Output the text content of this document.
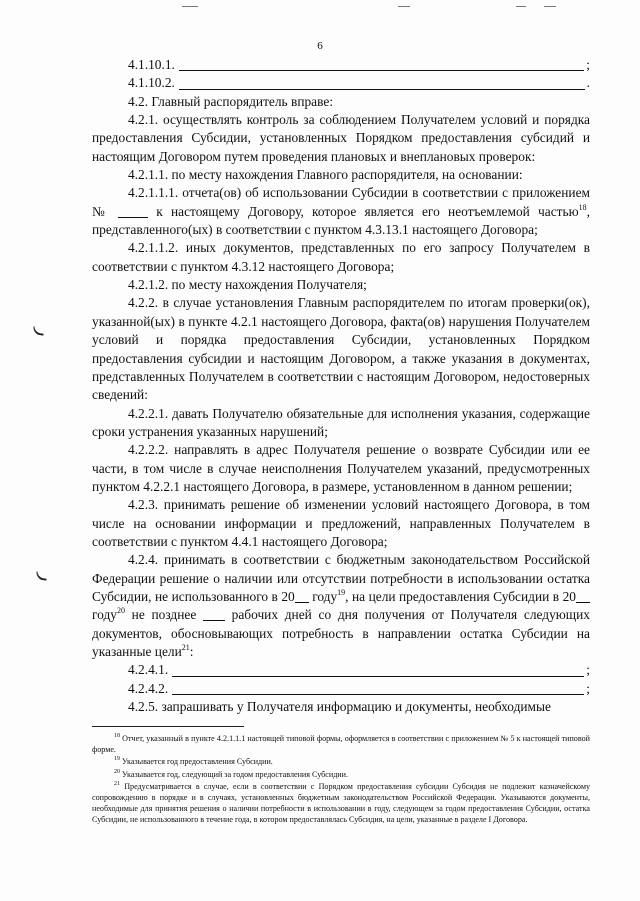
6
4.1.10.1.	;
4.1.10.2.	.

4.2. Главный распорядитель вправе:

4.2.1. осуществлять контроль за соблюдением Получателем условий и порядка предоставления Субсидии, установленных Порядком предоставления субсидий и настоящим Договором путем проведения плановых и внеплановых проверок:

4.2.1.1. по месту нахождения Главного распорядителя, на основании:

4.2.1.1.1. отчета(ов) об использовании Субсидии в соответствии с приложением №	к настоящему Договору, которое является его неотъемлемой частью$^{18}$, представленного(ых) в соответствии с пунктом 4.3.13.1 настоящего Договора;

4.2.1.1.2. иных документов, представленных по его запросу Получателем в соответствии с пунктом 4.3.12 настоящего Договора;

4.2.1.2. по месту нахождения Получателя;

4.2.2. в случае установления Главным распорядителем по итогам проверки(ок), указанной(ых) в пункте 4.2.1 настоящего Договора, факта(ов) нарушения Получателем условий и порядка предоставления Субсидии, установленных Порядком предоставления субсидии и настоящим Договором, а также указания в документах, представленных Получателем в соответствии с настоящим Договором, недостоверных сведений:

4.2.2.1. давать Получателю обязательные для исполнения указания, содержащие сроки устранения указанных нарушений;

4.2.2.2. направлять в адрес Получателя решение о возврате Субсидии или ее части, в том числе в случае неисполнения Получателем указаний, предусмотренных пунктом 4.2.2.1 настоящего Договора, в размере, установленном в данном решении;

4.2.3. принимать решение об изменении условий настоящего Договора, в том числе на основании информации и предложений, направленных Получателем в соответствии с пунктом 4.4.1 настоящего Договора;

4.2.4. принимать в соответствии с бюджетным законодательством Российской Федерации решение о наличии или отсутствии потребности в использовании остатка Субсидии, не использованного в 20 году$^{19}$, на цели предоставления Субсидии в 20 году$^{20}$ не позднее  рабочих дней со дня получения от Получателя следующих документов, обосновывающих потребность в направлении остатка Субсидии на указанные цели$^{21}$:

4.2.4.1.	;
4.2.4.2.	;

4.2.5. запрашивать у Получателя информацию и документы, необходимые

$^{18}$ Отчет, указанный в пункте 4.2.1.1.1 настоящей типовой формы, оформляется в соответствии с приложением № 5 к настоящей типовой форме.

$^{19}$ Указывается год предоставления Субсидии.

$^{20}$ Указывается год, следующий за годом предоставления Субсидии.

$^{21}$ Предусматривается в случае, если в соответствии с Порядком предоставления субсидии Субсидия не подлежит казначейскому сопровождению в порядке и в случаях, установленных бюджетным законодательством Российской Федерации. Указываются документы, необходимые для принятия решения о наличии потребности в использовании в году, следующем за годом предоставления Субсидии, остатка Субсидии, не использованного в течение года, в котором предоставлялась Субсидия, на цели, указанные в разделе I Договора.
